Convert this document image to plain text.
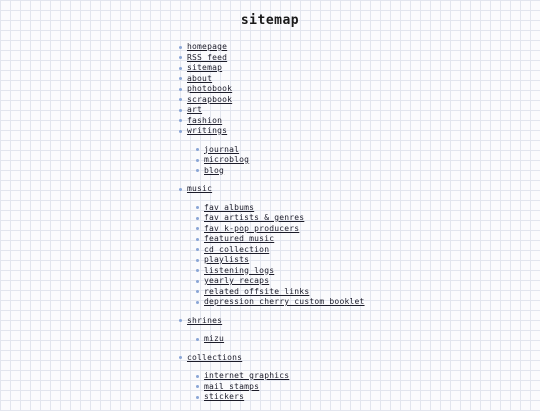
sitemap
homepage
RSS feed
sitemap
about
photobook
scrapbook
art
fashion
writings
journal
microblog
blog
music
fav albums
fav artists & genres
fav k-pop producers
featured music
cd collection
playlists
listening logs
yearly recaps
related offsite links
depression cherry custom booklet
shrines
mizu
collections
internet graphics
mail stamps
stickers
